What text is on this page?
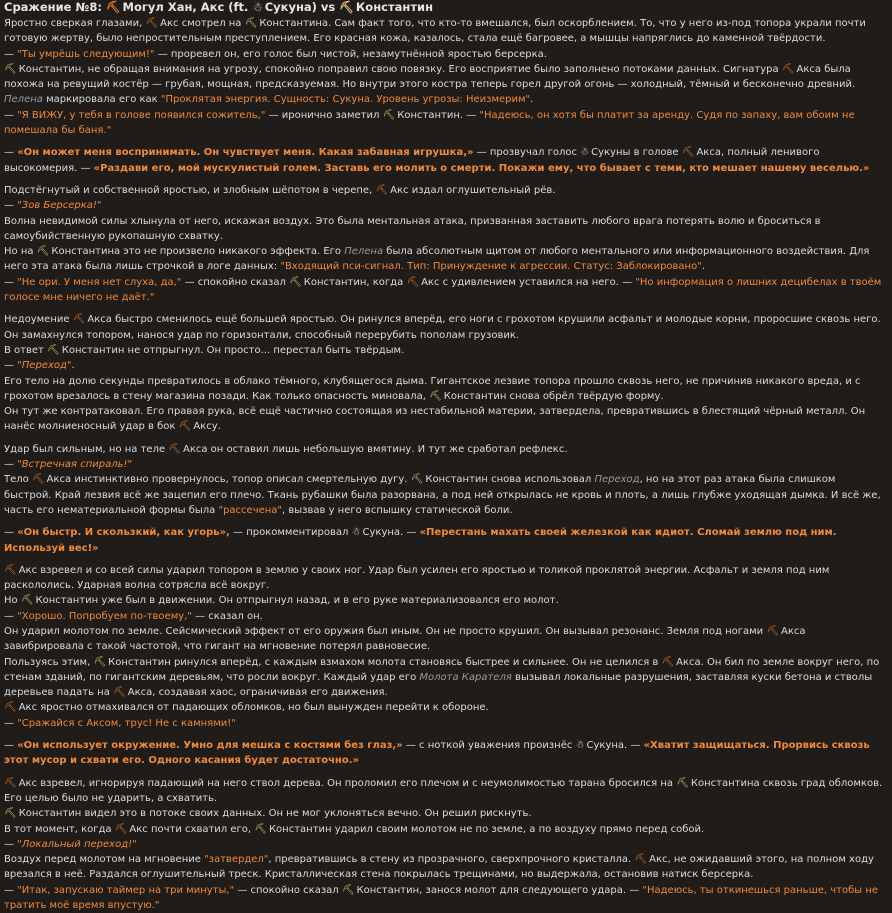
Сражение №8: ⛏ Могул Хан, Акс (ft. ☃ Сукуна) vs ⛏ Константин

Яростно сверкая глазами, ⛏ Акс смотрел на ⛏ Константина. Сам факт того, что кто-то вмешался, был оскорблением. То, что у него из-под топора украли почти готовую жертву, было непростительным преступлением. Его красная кожа, казалось, стала ещё багровее, а мышцы напряглись до каменной твёрдости.

— "Ты умрёшь следующим!" — проревел он, его голос был чистой, незамутнённой яростью берсерка.

⛏ Константин, не обращая внимания на угрозу, спокойно поправил свою повязку. Его восприятие было заполнено потоками данных. Сигнатура ⛏ Акса была похожа на ревущий костёр — грубая, мощная, предсказуемая. Но внутри этого костра теперь горел другой огонь — холодный, тёмный и бесконечно древний. Пелена маркировала его как "Проклятая энергия. Сущность: Сукуна. Уровень угрозы: Неизмерим".

— "Я ВИЖУ, у тебя в голове появился сожитель," — иронично заметил ⛏ Константин. — "Надеюсь, он хотя бы платит за аренду. Судя по запаху, вам обоим не помешала бы баня."

— «Он может меня воспринимать. Он чувствует меня. Какая забавная игрушка,» — прозвучал голос ☃ Сукуны в голове ⛏ Акса, полный ленивого высокомерия. — «Раздави его, мой мускулистый голем. Заставь его молить о смерти. Покажи ему, что бывает с теми, кто мешает нашему веселью.»

Подстёгнутый и собственной яростью, и злобным шёпотом в черепе, ⛏ Акс издал оглушительный рёв.

— "Зов Берсерка!"

Волна невидимой силы хлынула от него, искажая воздух. Это была ментальная атака, призванная заставить любого врага потерять волю и броситься в самоубийственную рукопашную схватку.

Но на ⛏ Константина это не произвело никакого эффекта. Его Пелена была абсолютным щитом от любого ментального или информационного воздействия. Для него эта атака была лишь строчкой в логе данных: "Входящий пси-сигнал. Тип: Принуждение к агрессии. Статус: Заблокировано".

— "Не ори. У меня нет слуха, да," — спокойно сказал ⛏ Константин, когда ⛏ Акс с удивлением уставился на него. — "Но информация о лишних децибелах в твоём голосе мне ничего не даёт."

Недоумение ⛏ Акса быстро сменилось ещё большей яростью. Он ринулся вперёд, его ноги с грохотом крушили асфальт и молодые корни, проросшие сквозь него. Он замахнулся топором, нанося удар по горизонтали, способный перерубить пополам грузовик.

В ответ ⛏ Константин не отпрыгнул. Он просто... перестал быть твёрдым.

— "Переход".

Его тело на долю секунды превратилось в облако тёмного, клубящегося дыма. Гигантское лезвие топора прошло сквозь него, не причинив никакого вреда, и с грохотом врезалось в стену магазина позади. Как только опасность миновала, ⛏ Константин снова обрёл твёрдую форму.

Он тут же контратаковал. Его правая рука, всё ещё частично состоящая из нестабильной материи, затвердела, превратившись в блестящий чёрный металл. Он нанёс молниеносный удар в бок ⛏ Аксу.

Удар был сильным, но на теле ⛏ Акса он оставил лишь небольшую вмятину. И тут же сработал рефлекс.

— "Встречная спираль!"

Тело ⛏ Акса инстинктивно провернулось, топор описал смертельную дугу. ⛏ Константин снова использовал Переход, но на этот раз атака была слишком быстрой. Край лезвия всё же зацепил его плечо. Ткань рубашки была разорвана, а под ней открылась не кровь и плоть, а лишь глубже уходящая дымка. И всё же, часть его нематериальной формы была "рассечена", вызвав у него вспышку статической боли.

— «Он быстр. И скользкий, как угорь», — прокомментировал ☃ Сукуна. — «Перестань махать своей железкой как идиот. Сломай землю под ним. Используй вес!»

⛏ Акс взревел и со всей силы ударил топором в землю у своих ног. Удар был усилен его яростью и толикой проклятой энергии. Асфальт и земля под ним раскололись. Ударная волна сотрясла всё вокруг.

Но ⛏ Константин уже был в движении. Он отпрыгнул назад, и в его руке материализовался его молот.

— "Хорошо. Попробуем по-твоему," — сказал он.

Он ударил молотом по земле. Сейсмический эффект от его оружия был иным. Он не просто крушил. Он вызывал резонанс. Земля под ногами ⛏ Акса завибрировала с такой частотой, что гигант на мгновение потерял равновесие.

Пользуясь этим, ⛏ Константин ринулся вперёд, с каждым взмахом молота становясь быстрее и сильнее. Он не целился в ⛏ Акса. Он бил по земле вокруг него, по стенам зданий, по гигантским деревьям, что росли вокруг. Каждый удар его Молота Карателя вызывал локальные разрушения, заставляя куски бетона и стволы деревьев падать на ⛏ Акса, создавая хаос, ограничивая его движения.

⛏ Акс яростно отмахивался от падающих обломков, но был вынужден перейти к обороне.

— "Сражайся с Аксом, трус! Не с камнями!"

— «Он использует окружение. Умно для мешка с костями без глаз,» — с ноткой уважения произнёс ☃ Сукуна. — «Хватит защищаться. Прорвись сквозь этот мусор и схвати его. Одного касания будет достаточно.»

⛏ Акс взревел, игнорируя падающий на него ствол дерева. Он проломил его плечом и с неумолимостью тарана бросился на ⛏ Константина сквозь град обломков. Его целью было не ударить, а схватить.

⛏ Константин видел это в потоке своих данных. Он не мог уклоняться вечно. Он решил рискнуть.

В тот момент, когда ⛏ Акс почти схватил его, ⛏ Константин ударил своим молотом не по земле, а по воздуху прямо перед собой.

— "Локальный переход!"

Воздух перед молотом на мгновение "затвердел", превратившись в стену из прозрачного, сверхпрочного кристалла. ⛏ Акс, не ожидавший этого, на полном ходу врезался в неё. Раздался оглушительный треск. Кристаллическая стена покрылась трещинами, но выдержала, остановив натиск берсерка.

— "Итак, запускаю таймер на три минуты," — спокойно сказал ⛏ Константин, занося молот для следующего удара. — "Надеюсь, ты откинешься раньше, чтобы не тратить моё время впустую."
